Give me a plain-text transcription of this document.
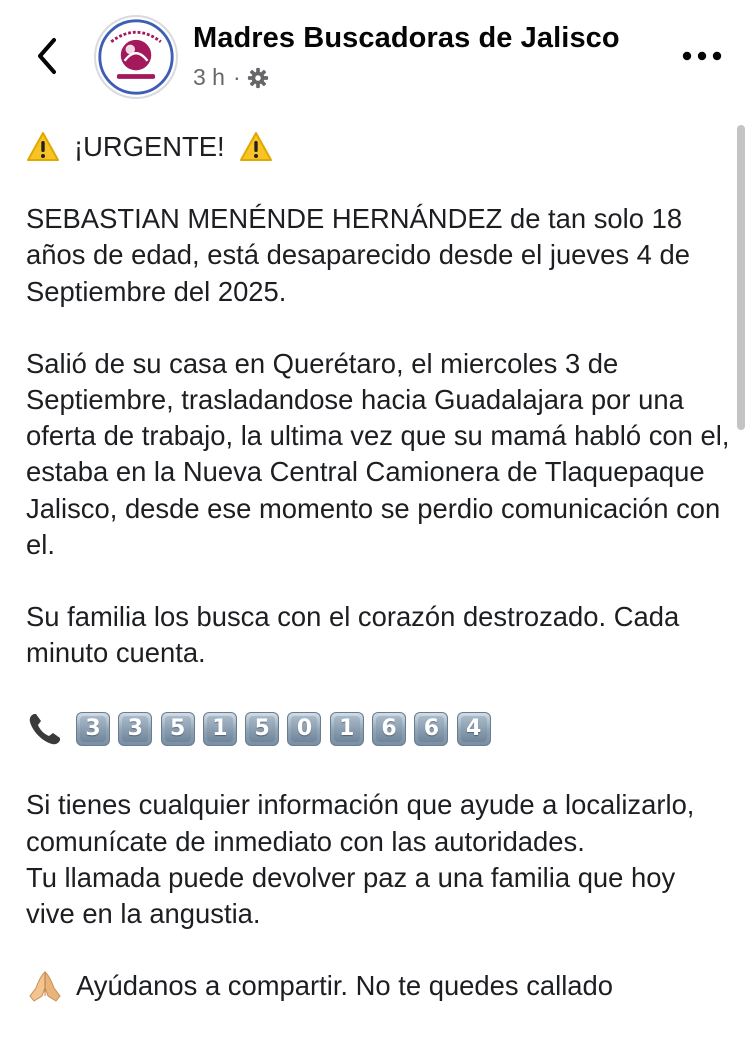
Madres Buscadoras de Jalisco
3 h ·
¡URGENTE!

SEBASTIAN MENÉNDE HERNÁNDEZ de tan solo 18 años de edad, está desaparecido desde el jueves 4 de Septiembre del 2025.

Salió de su casa en Querétaro, el miercoles 3 de Septiembre, trasladandose hacia Guadalajara por una oferta de trabajo, la ultima vez que su mamá habló con el, estaba en la Nueva Central Camionera de Tlaquepaque Jalisco, desde ese momento se perdio comunicación con el.

Su familia los busca con el corazón destrozado. Cada minuto cuenta.

3 3 5 1 5 0 1 6 6 4

Si tienes cualquier información que ayude a localizarlo, comunícate de inmediato con las autoridades.

Tu llamada puede devolver paz a una familia que hoy vive en la angustia.

Ayúdanos a compartir. No te quedes callado
